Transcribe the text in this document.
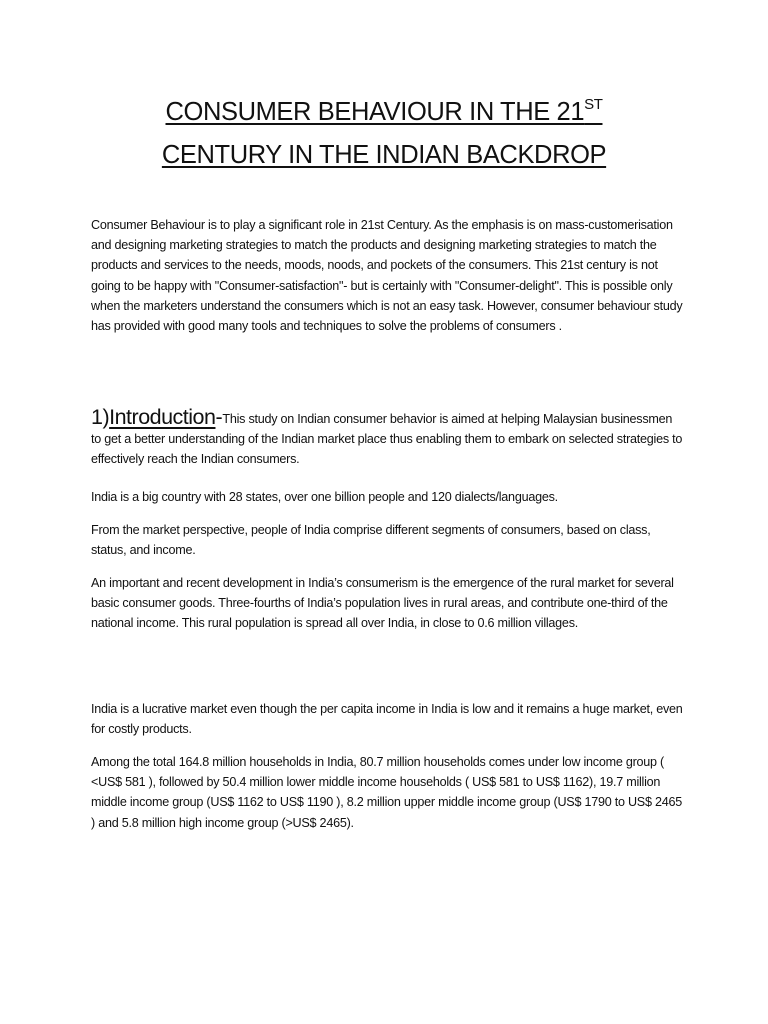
CONSUMER BEHAVIOUR IN THE 21ST
CENTURY IN THE INDIAN BACKDROP

Consumer Behaviour is to play a significant role in 21st Century. As the emphasis is on mass-customerisation and designing marketing strategies to match the products and designing marketing strategies to match the products and services to the needs, moods, noods, and pockets of the consumers. This 21st century is not going to be happy with "Consumer-satisfaction"- but is certainly with "Consumer-delight". This is possible only when the marketers understand the consumers which is not an easy task. However, consumer behaviour study has provided with good many tools and techniques to solve the problems of consumers .

1)Introduction-This study on Indian consumer behavior is aimed at helping Malaysian businessmen to get a better understanding of the Indian market place thus enabling them to embark on selected strategies to effectively reach the Indian consumers.

India is a big country with 28 states, over one billion people and 120 dialects/languages.

From the market perspective, people of India comprise different segments of consumers, based on class, status, and income.

An important and recent development in India’s consumerism is the emergence of the rural market for several basic consumer goods. Three-fourths of India’s population lives in rural areas, and contribute one-third of the national income. This rural population is spread all over India, in close to 0.6 million villages.

India is a lucrative market even though the per capita income in India is low and it remains a huge market, even for costly products.

Among the total 164.8 million households in India, 80.7 million households comes under low income group ( <US$ 581 ), followed by 50.4 million lower middle income households ( US$ 581 to US$ 1162), 19.7 million middle income group (US$ 1162 to US$ 1190 ), 8.2 million upper middle income group (US$ 1790 to US$ 2465 ) and 5.8 million high income group (>US$ 2465).
